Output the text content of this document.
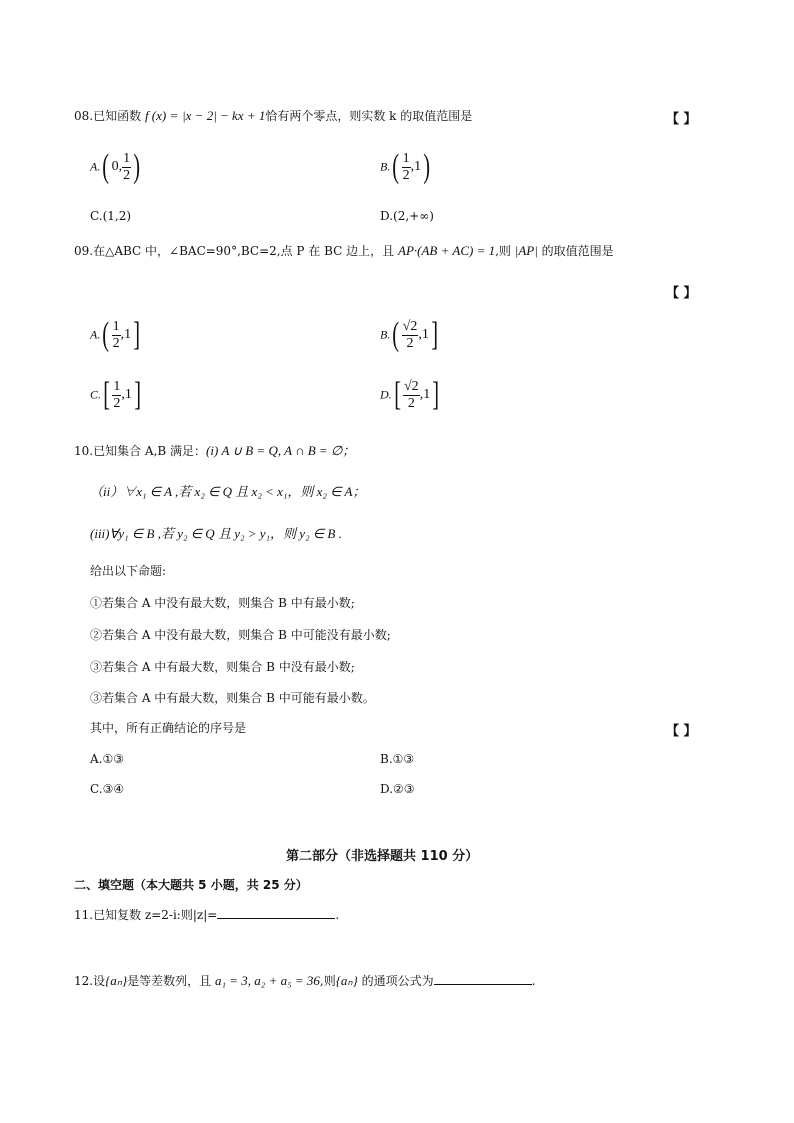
08.已知函数 f (x) = |x − 2| − kx + 1恰有两个零点，则实数 k 的取值范围是	【 】
A.( 0, $\frac{1}{2}$ )	$B.( \frac{1}{2} ,1)$
C.(1,2)	D.(2,+∞)
09.在△ABC 中，∠BAC=90°,BC=2,点 P 在 BC 边上，且 AP·(AB + AC) = 1,则 |AP| 的取值范围是
【 】
$A.( \frac{1}{2} ,1]$	$B.( \frac{√2}{2} ,1]$
$C.[ \frac{1}{2} ,1]$	$D.[ \frac{√2}{2} ,1]$
10.已知集合 A,B 满足：(i) A ∪ B = Q, A ∩ B = ∅；
（ii）∀x₁ ∈ A ,若 x₂ ∈ Q 且 x₂ < x₁，则 x₂ ∈ A；
(iii)∀y₁ ∈ B ,若 y₂ ∈ Q 且 y₂ > y₁，则 y₂ ∈ B .
给出以下命题:
①若集合 A 中没有最大数，则集合 B 中有最小数;
②若集合 A 中没有最大数，则集合 B 中可能没有最小数;
③若集合 A 中有最大数，则集合 B 中没有最小数;
③若集合 A 中有最大数，则集合 B 中可能有最小数。
其中，所有正确结论的序号是	【 】
A.①③	B.①③
C.③④	D.②③
第二部分（非选择题共 110 分）
二、填空题（本大题共 5 小题，共 25 分）
11.已知复数 z=2-i:则|z|=	.
12.设{aₙ}是等差数列，且 a₁ = 3, a₂ + a₅ = 36,则{aₙ} 的通项公式为	.
